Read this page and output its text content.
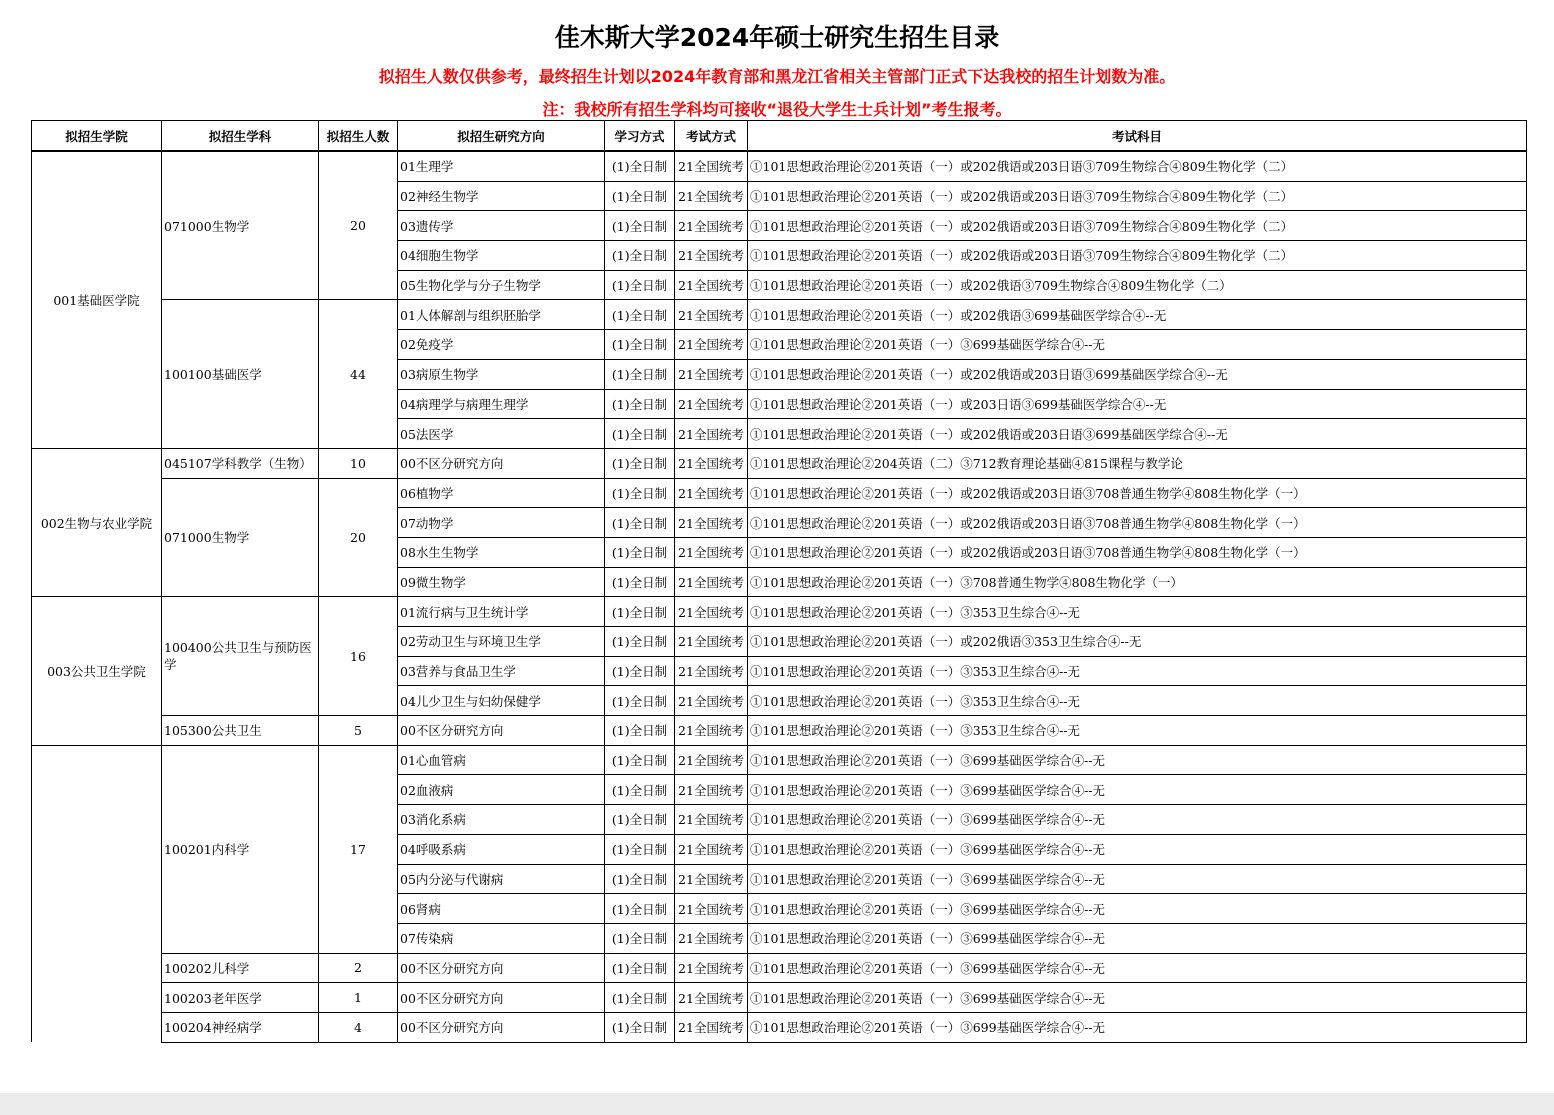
佳木斯大学2024年硕士研究生招生目录
拟招生人数仅供参考，最终招生计划以2024年教育部和黑龙江省相关主管部门正式下达我校的招生计划数为准。
注：我校所有招生学科均可接收“退役大学生士兵计划”考生报考。
拟招生学院	拟招生学科	拟招生人数	拟招生研究方向	学习方式	考试方式	考试科目
001基础医学院	071000生物学	20	01生理学	(1)全日制	21全国统考	①101思想政治理论②201英语（一）或202俄语或203日语③709生物综合④809生物化学（二）
			02神经生物学	(1)全日制	21全国统考	①101思想政治理论②201英语（一）或202俄语或203日语③709生物综合④809生物化学（二）
			03遗传学	(1)全日制	21全国统考	①101思想政治理论②201英语（一）或202俄语或203日语③709生物综合④809生物化学（二）
			04细胞生物学	(1)全日制	21全国统考	①101思想政治理论②201英语（一）或202俄语或203日语③709生物综合④809生物化学（二）
			05生物化学与分子生物学	(1)全日制	21全国统考	①101思想政治理论②201英语（一）或202俄语③709生物综合④809生物化学（二）
	100100基础医学	44	01人体解剖与组织胚胎学	(1)全日制	21全国统考	①101思想政治理论②201英语（一）或202俄语③699基础医学综合④--无
			02免疫学	(1)全日制	21全国统考	①101思想政治理论②201英语（一）③699基础医学综合④--无
			03病原生物学	(1)全日制	21全国统考	①101思想政治理论②201英语（一）或202俄语或203日语③699基础医学综合④--无
			04病理学与病理生理学	(1)全日制	21全国统考	①101思想政治理论②201英语（一）或203日语③699基础医学综合④--无
			05法医学	(1)全日制	21全国统考	①101思想政治理论②201英语（一）或202俄语或203日语③699基础医学综合④--无
002生物与农业学院	045107学科教学（生物）	10	00不区分研究方向	(1)全日制	21全国统考	①101思想政治理论②204英语（二）③712教育理论基础④815课程与教学论
	071000生物学	20	06植物学	(1)全日制	21全国统考	①101思想政治理论②201英语（一）或202俄语或203日语③708普通生物学④808生物化学（一）
			07动物学	(1)全日制	21全国统考	①101思想政治理论②201英语（一）或202俄语或203日语③708普通生物学④808生物化学（一）
			08水生生物学	(1)全日制	21全国统考	①101思想政治理论②201英语（一）或202俄语或203日语③708普通生物学④808生物化学（一）
			09微生物学	(1)全日制	21全国统考	①101思想政治理论②201英语（一）③708普通生物学④808生物化学（一）
003公共卫生学院	100400公共卫生与预防医学	16	01流行病与卫生统计学	(1)全日制	21全国统考	①101思想政治理论②201英语（一）③353卫生综合④--无
			02劳动卫生与环境卫生学	(1)全日制	21全国统考	①101思想政治理论②201英语（一）或202俄语③353卫生综合④--无
			03营养与食品卫生学	(1)全日制	21全国统考	①101思想政治理论②201英语（一）③353卫生综合④--无
			04儿少卫生与妇幼保健学	(1)全日制	21全国统考	①101思想政治理论②201英语（一）③353卫生综合④--无
	105300公共卫生	5	00不区分研究方向	(1)全日制	21全国统考	①101思想政治理论②201英语（一）③353卫生综合④--无
	100201内科学	17	01心血管病	(1)全日制	21全国统考	①101思想政治理论②201英语（一）③699基础医学综合④--无
			02血液病	(1)全日制	21全国统考	①101思想政治理论②201英语（一）③699基础医学综合④--无
			03消化系病	(1)全日制	21全国统考	①101思想政治理论②201英语（一）③699基础医学综合④--无
			04呼吸系病	(1)全日制	21全国统考	①101思想政治理论②201英语（一）③699基础医学综合④--无
			05内分泌与代谢病	(1)全日制	21全国统考	①101思想政治理论②201英语（一）③699基础医学综合④--无
			06肾病	(1)全日制	21全国统考	①101思想政治理论②201英语（一）③699基础医学综合④--无
			07传染病	(1)全日制	21全国统考	①101思想政治理论②201英语（一）③699基础医学综合④--无
	100202儿科学	2	00不区分研究方向	(1)全日制	21全国统考	①101思想政治理论②201英语（一）③699基础医学综合④--无
	100203老年医学	1	00不区分研究方向	(1)全日制	21全国统考	①101思想政治理论②201英语（一）③699基础医学综合④--无
	100204神经病学	4	00不区分研究方向	(1)全日制	21全国统考	①101思想政治理论②201英语（一）③699基础医学综合④--无
